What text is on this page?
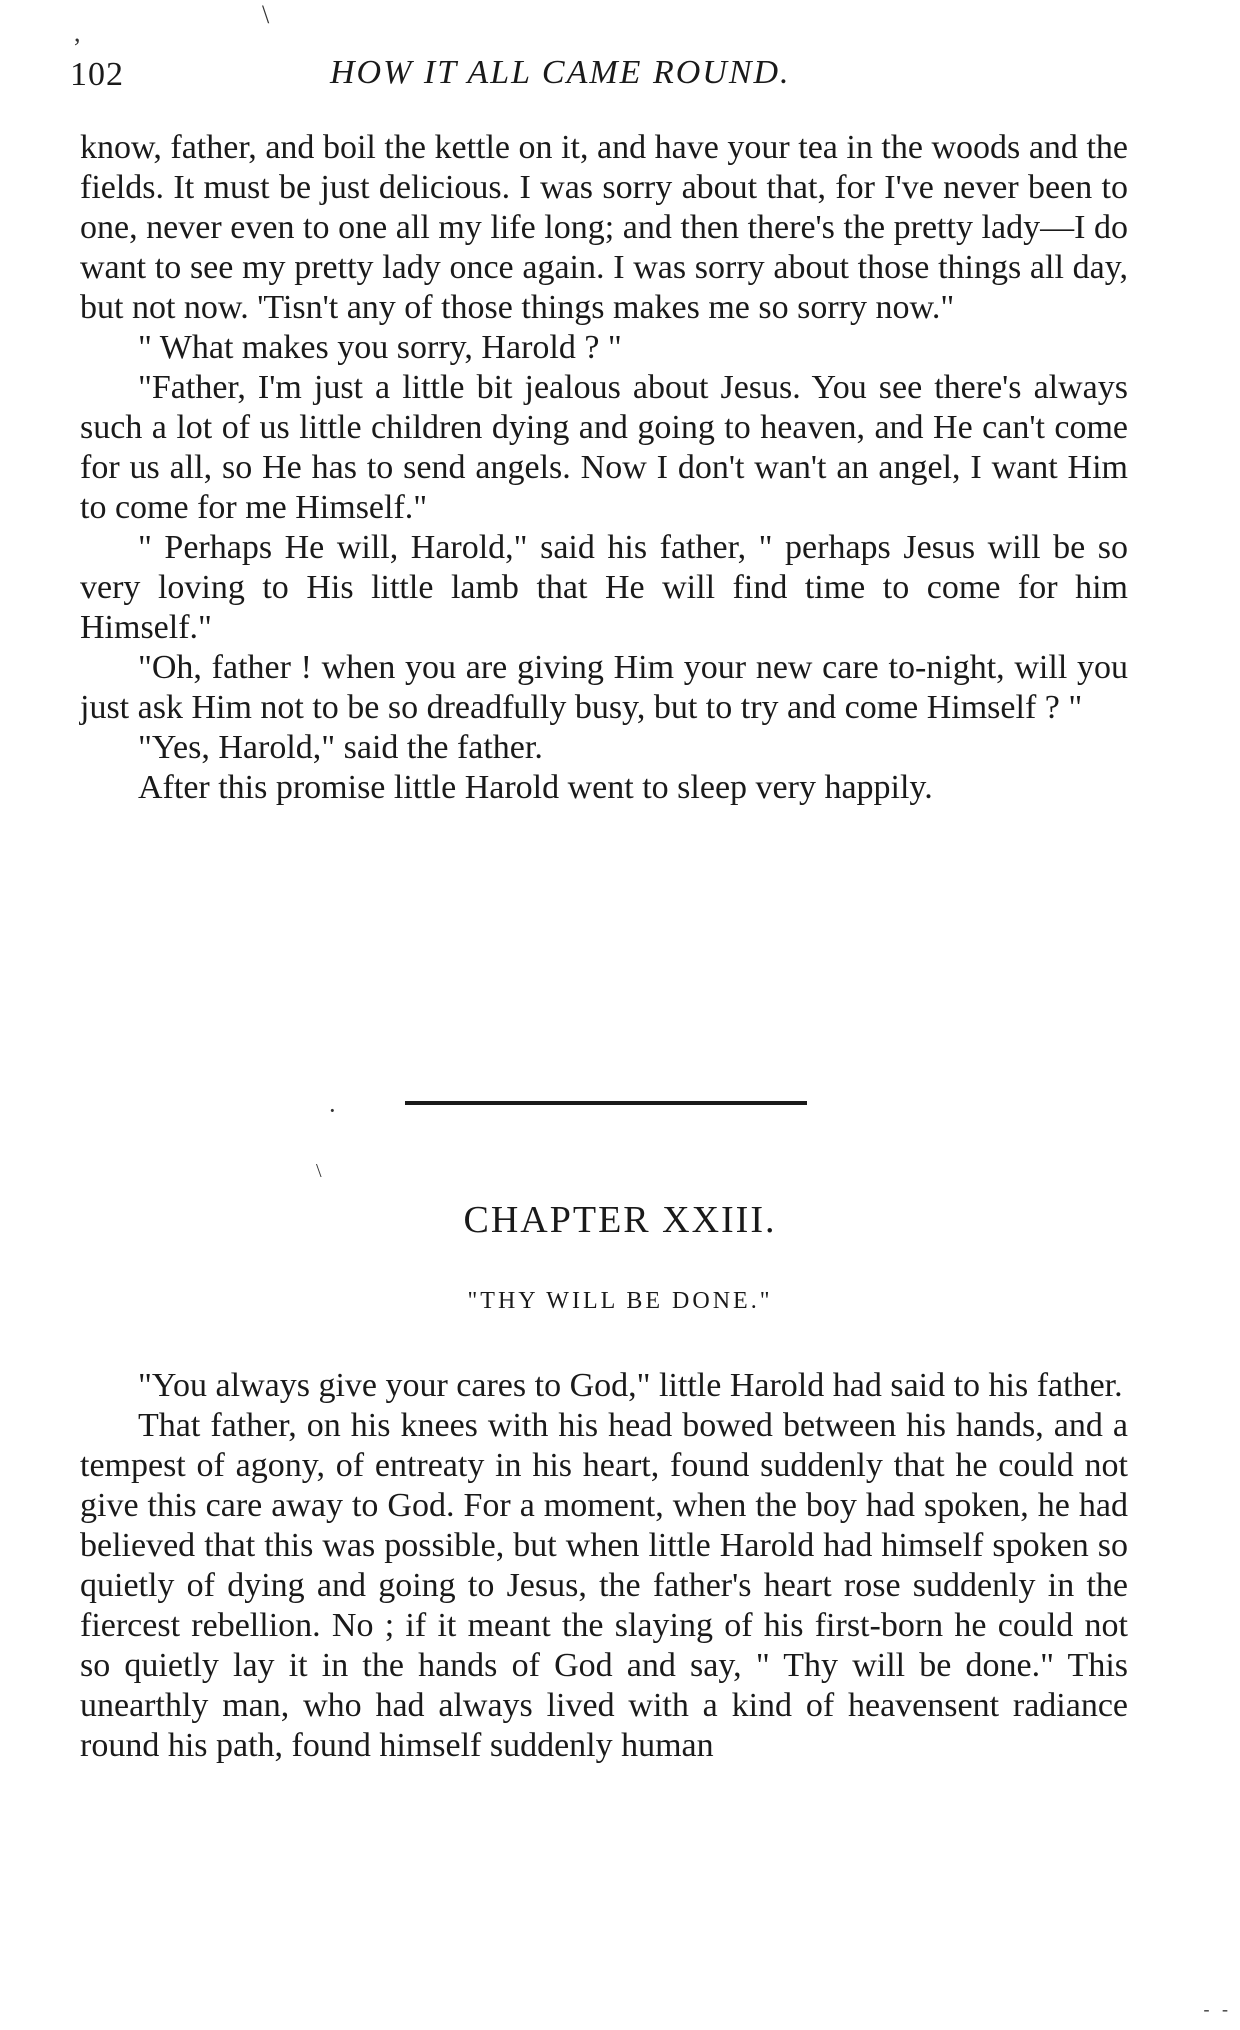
,
\
102	HOW IT ALL CAME ROUND.

know, father, and boil the kettle on it, and have your tea in the woods and the fields. It must be just delicious. I was sorry about that, for I've never been to one, never even to one all my life long; and then there's the pretty lady—I do want to see my pretty lady once again. I was sorry about those things all day, but not now. 'Tisn't any of those things makes me so sorry now."

" What makes you sorry, Harold ? "

"Father, I'm just a little bit jealous about Jesus. You see there's always such a lot of us little children dying and going to heaven, and He can't come for us all, so He has to send angels. Now I don't wan't an angel, I want Him to come for me Himself."

" Perhaps He will, Harold," said his father, " perhaps Jesus will be so very loving to His little lamb that He will find time to come for him Himself."

"Oh, father ! when you are giving Him your new care to-night, will you just ask Him not to be so dreadfully busy, but to try and come Himself ? "

"Yes, Harold," said the father.

After this promise little Harold went to sleep very happily.

·
\
CHAPTER XXIII.
"THY WILL BE DONE."

"You always give your cares to God," little Harold had said to his father.

That father, on his knees with his head bowed between his hands, and a tempest of agony, of entreaty in his heart, found suddenly that he could not give this care away to God. For a moment, when the boy had spoken, he had believed that this was possible, but when little Harold had himself spoken so quietly of dying and going to Jesus, the father's heart rose suddenly in the fiercest rebellion. No ; if it meant the slaying of his first-born he could not so quietly lay it in the hands of God and say, " Thy will be done." This unearthly man, who had always lived with a kind of heavensent radiance round his path, found himself suddenly human

- -
